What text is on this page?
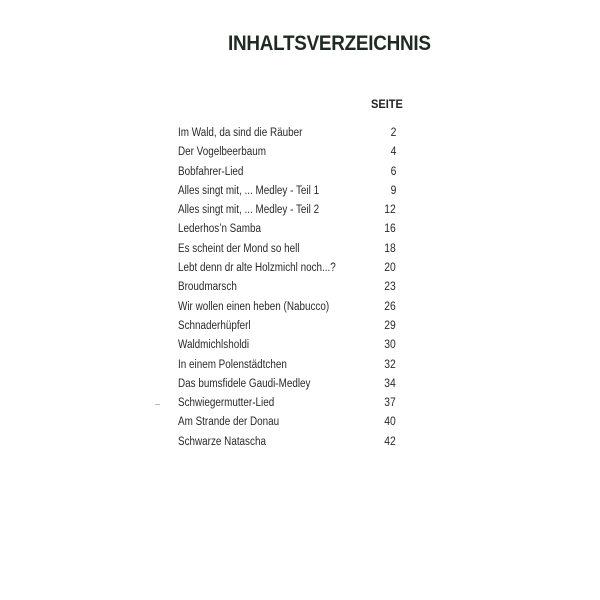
INHALTSVERZEICHNIS
SEITE
Im Wald, da sind die Räuber	2
Der Vogelbeerbaum	4
Bobfahrer-Lied	6
Alles singt mit, ... Medley - Teil 1	9
Alles singt mit, ... Medley - Teil 2	12
Lederhos’n Samba	16
Es scheint der Mond so hell	18
Lebt denn dr alte Holzmichl noch...?	20
Broudmarsch	23
Wir wollen einen heben (Nabucco)	26
Schnaderhüpferl	29
Waldmichlsholdi	30
In einem Polenstädtchen	32
Das bumsfidele Gaudi-Medley	34
Schwiegermutter-Lied	37
Am Strande der Donau	40
Schwarze Natascha	42
